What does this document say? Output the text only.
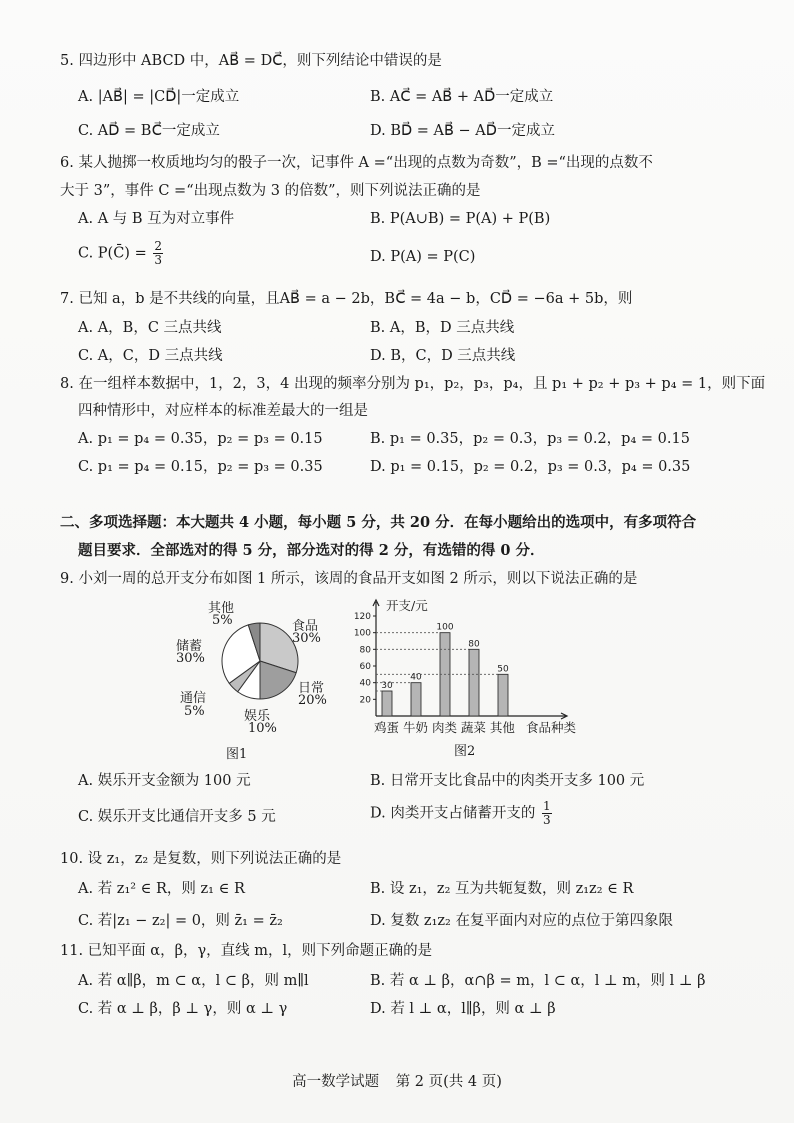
5. 四边形中 ABCD 中，AB⃗ = DC⃗，则下列结论中错误的是
A. |AB⃗| = |CD⃗|一定成立	B. AC⃗ = AB⃗ + AD⃗一定成立
C. AD⃗ = BC⃗一定成立	D. BD⃗ = AB⃗ − AD⃗一定成立
6. 某人抛掷一枚质地均匀的骰子一次，记事件 A =“出现的点数为奇数”，B =“出现的点数不
大于 3”，事件 C =“出现点数为 3 的倍数”，则下列说法正确的是
A. A 与 B 互为对立事件	B. P(A∪B) = P(A) + P(B)
C. P(C̄) = $\frac{2}{3}$	D. P(A) = P(C)
7. 已知 a，b 是不共线的向量，且AB⃗ = a − 2b，BC⃗ = 4a − b，CD⃗ = −6a + 5b，则
A. A，B，C 三点共线	B. A，B，D 三点共线
C. A，C，D 三点共线	D. B，C，D 三点共线
8. 在一组样本数据中，1，2，3，4 出现的频率分别为 p₁，p₂，p₃，p₄，且 p₁ + p₂ + p₃ + p₄ = 1，则下面
四种情形中，对应样本的标准差最大的一组是
A. p₁ = p₄ = 0.35，p₂ = p₃ = 0.15	B. p₁ = 0.35，p₂ = 0.3，p₃ = 0.2，p₄ = 0.15
C. p₁ = p₄ = 0.15，p₂ = p₃ = 0.35	D. p₁ = 0.15，p₂ = 0.2，p₃ = 0.3，p₄ = 0.35
二、多项选择题：本大题共 4 小题，每小题 5 分，共 20 分．在每小题给出的选项中，有多项符合
题目要求．全部选对的得 5 分，部分选对的得 2 分，有选错的得 0 分．
9. 小刘一周的总开支分布如图 1 所示，该周的食品开支如图 2 所示，则以下说法正确的是
其他
5%	食品
30%
储蓄
30%
日常
20%
通信
5%	娱乐
10%
图1
20
40
60
80
100
120
30
40
100
80
50
开支/元
鸡蛋 牛奶 肉类 蔬菜 其他 食品种类
图2
A. 娱乐开支金额为 100 元	B. 日常开支比食品中的肉类开支多 100 元
C. 娱乐开支比通信开支多 5 元	D. 肉类开支占储蓄开支的 $\frac{1}{3}$
10. 设 z₁，z₂ 是复数，则下列说法正确的是
A. 若 z₁² ∈ R，则 z₁ ∈ R	B. 设 z₁，z₂ 互为共轭复数，则 z₁z₂ ∈ R
C. 若|z₁ − z₂| = 0，则 z̄₁ = z̄₂	D. 复数 z₁z₂ 在复平面内对应的点位于第四象限
11. 已知平面 α，β，γ，直线 m，l，则下列命题正确的是
A. 若 α∥β，m ⊂ α，l ⊂ β，则 m∥l	B. 若 α ⊥ β，α∩β = m，l ⊂ α，l ⊥ m，则 l ⊥ β
C. 若 α ⊥ β，β ⊥ γ，则 α ⊥ γ	D. 若 l ⊥ α，l∥β，则 α ⊥ β
高一数学试题 第 2 页(共 4 页)
